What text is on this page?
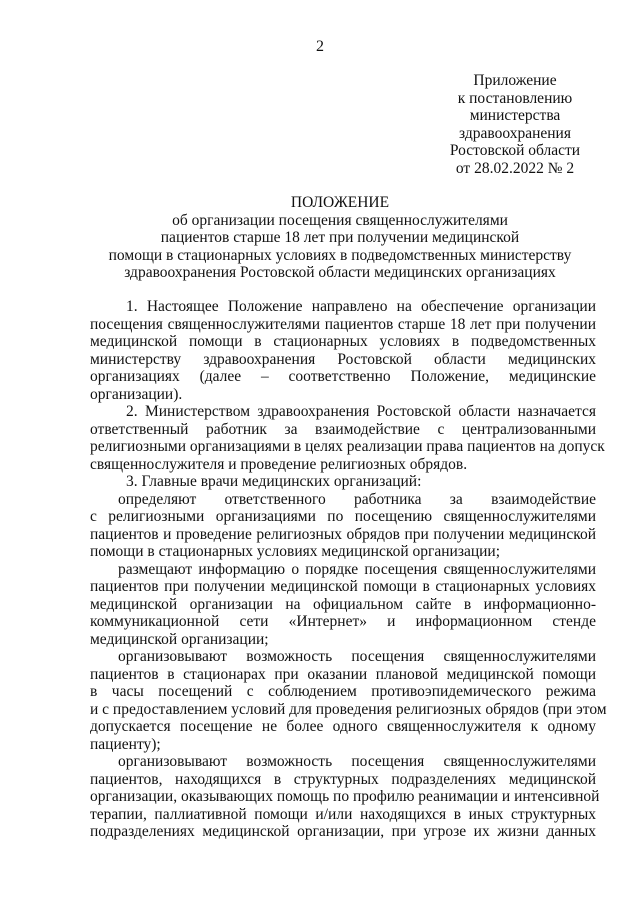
2
Приложение
к постановлению
министерства
здравоохранения
Ростовской области
от 28.02.2022 № 2
ПОЛОЖЕНИЕ
об организации посещения священнослужителями
пациентов старше 18 лет при получении медицинской
помощи в стационарных условиях в подведомственных министерству
здравоохранения Ростовской области медицинских организациях
1. Настоящее Положение направлено на обеспечение организации
посещения священнослужителями пациентов старше 18 лет при получении
медицинской помощи в стационарных условиях в подведомственных
министерству здравоохранения Ростовской области медицинских
организациях (далее – соответственно Положение, медицинские
организации).
2. Министерством здравоохранения Ростовской области назначается
ответственный работник за взаимодействие с централизованными
религиозными организациями в целях реализации права пациентов на допуск
священнослужителя и проведение религиозных обрядов.
3. Главные врачи медицинских организаций:
определяют ответственного работника за взаимодействие
с религиозными организациями по посещению священнослужителями
пациентов и проведение религиозных обрядов при получении медицинской
помощи в стационарных условиях медицинской организации;
размещают информацию о порядке посещения священнослужителями
пациентов при получении медицинской помощи в стационарных условиях
медицинской организации на официальном сайте в информационно-
коммуникационной сети «Интернет» и информационном стенде
медицинской организации;
организовывают возможность посещения священнослужителями
пациентов в стационарах при оказании плановой медицинской помощи
в часы посещений с соблюдением противоэпидемического режима
и с предоставлением условий для проведения религиозных обрядов (при этом
допускается посещение не более одного священнослужителя к одному
пациенту);
организовывают возможность посещения священнослужителями
пациентов, находящихся в структурных подразделениях медицинской
организации, оказывающих помощь по профилю реанимации и интенсивной
терапии, паллиативной помощи и/или находящихся в иных структурных
подразделениях медицинской организации, при угрозе их жизни данных
